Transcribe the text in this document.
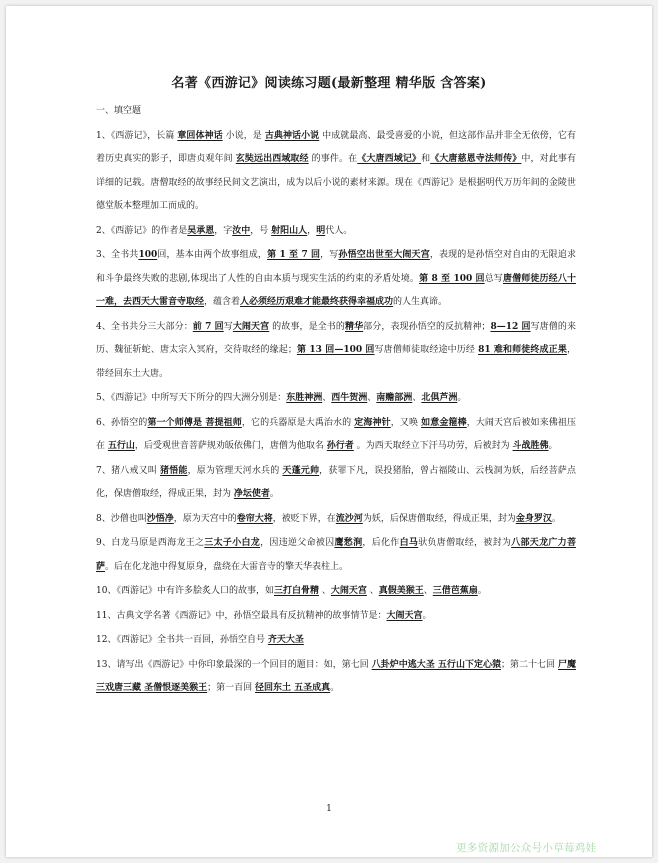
名著《西游记》阅读练习题(最新整理 精华版 含答案)

一、填空题

1、《西游记》，长篇 章回体神话 小说，是 古典神话小说 中成就最高、最受喜爱的小说，但这部作品并非全无依傍，它有着历史真实的影子，即唐贞观年间 玄奘远出西域取经 的事件。在《大唐西域记》和《大唐慈恩寺法师传》中，对此事有详细的记载。唐僧取经的故事经民间文艺演出，成为以后小说的素材来源。现在《西游记》是根据明代万历年间的金陵世德堂版本整理加工而成的。

2、《西游记》的作者是吴承恩，字汝中，号 射阳山人，明代人。

3、全书共100回，基本由两个故事组成，第 1 至 7 回，写孙悟空出世至大闹天宫，表现的是孙悟空对自由的无限追求和斗争最终失败的悲剧,体现出了人性的自由本质与现实生活的约束的矛盾处境。第 8 至 100 回总写唐僧师徒历经八十一难，去西天大雷音寺取经，蕴含着人必须经历艰难才能最终获得幸福成功的人生真谛。

4、全书共分三大部分：前 7 回写大闹天宫 的故事，是全书的精华部分，表现孙悟空的反抗精神；8—12 回写唐僧的来历、魏征斩蛇、唐太宗入冥府，交待取经的缘起；第 13 回—100 回写唐僧师徒取经途中历经 81 难和师徒终成正果，带经回东土大唐。

5、《西游记》中所写天下所分的四大洲分别是：东胜神洲、西牛贺洲、南赡部洲、北俱芦洲。

6、孙悟空的第一个师傅是 菩提祖师，它的兵器原是大禹治水的 定海神针，又唤 如意金箍棒，大闹天宫后被如来佛祖压在 五行山，后受观世音菩萨规劝皈依佛门，唐僧为他取名 孙行者 。为西天取经立下汗马功劳，后被封为 斗战胜佛。

7、猪八戒又叫 猪悟能，原为管理天河水兵的 天蓬元帅，获罪下凡，误投猪胎，曾占福陵山、云栈洞为妖，后经菩萨点化，保唐僧取经，得成正果，封为 净坛使者。

8、沙僧也叫沙悟净，原为天宫中的卷帘大将，被贬下界，在流沙河为妖，后保唐僧取经，得成正果，封为金身罗汉。

9、白龙马原是西海龙王之三太子小白龙，因违逆父命被囚鹰愁涧，后化作白马驮负唐僧取经，被封为八部天龙广力菩萨。后在化龙池中得复原身，盘绕在大雷音寺的擎天华表柱上。

10、《西游记》中有许多脍炙人口的故事，如三打白骨精 、大闹天宫 、真假美猴王、三借芭蕉扇。

11、古典文学名著《西游记》中，孙悟空最具有反抗精神的故事情节是：大闹天宫。

12、《西游记》全书共一百回，孙悟空自号 齐天大圣

13、请写出《西游记》中你印象最深的一个回目的题目：如，第七回 八卦炉中逃大圣 五行山下定心猿；第二十七回 尸魔三戏唐三藏 圣僧恨逐美猴王；第一百回 径回东土 五圣成真。

1
更多资源加公众号小草莓鸡娃
